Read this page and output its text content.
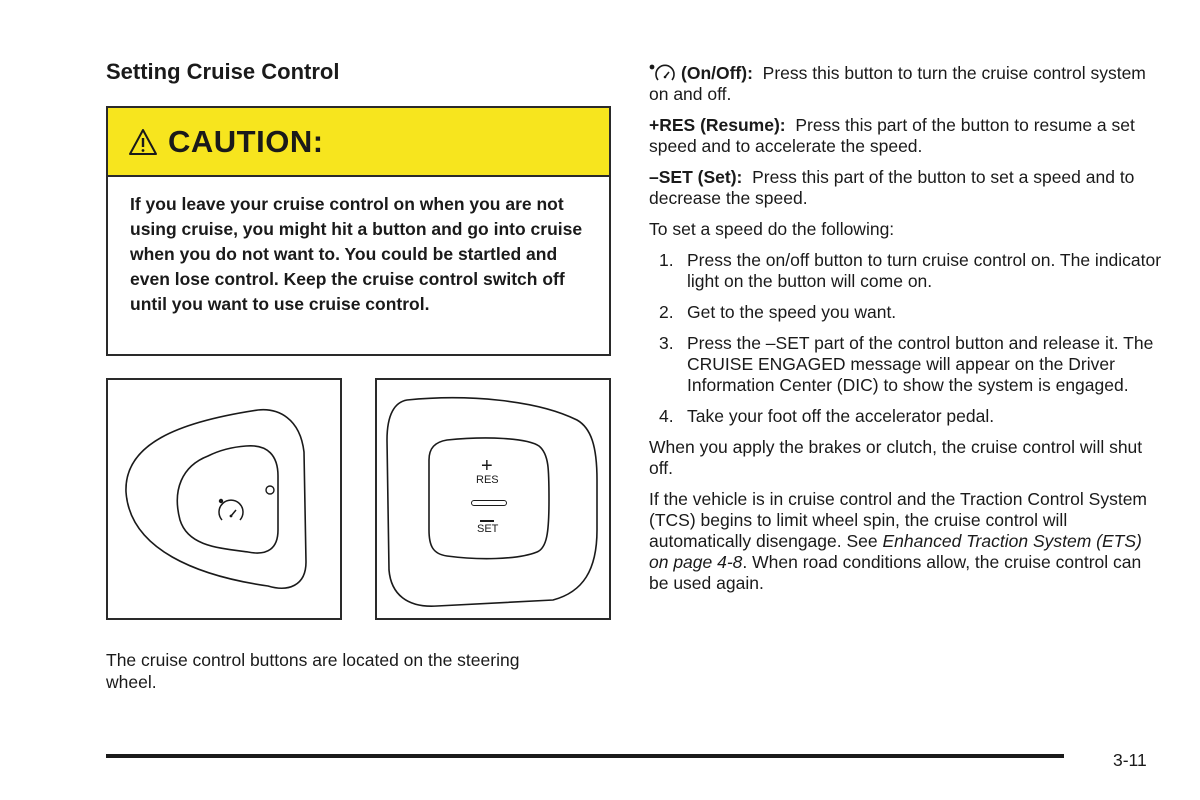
Setting Cruise Control
CAUTION:
If you leave your cruise control on when you are not using cruise, you might hit a button and go into cruise when you do not want to. You could be startled and even lose control. Keep the cruise control switch off until you want to use cruise control.
+
RES
SET
The cruise control buttons are located on the steering wheel.

(On/Off): Press this button to turn the cruise control system on and off.

+RES (Resume): Press this part of the button to resume a set speed and to accelerate the speed.

–SET (Set): Press this part of the button to set a speed and to decrease the speed.

To set a speed do the following:

1. Press the on/off button to turn cruise control on. The indicator light on the button will come on.
2. Get to the speed you want.
3. Press the –SET part of the control button and release it. The CRUISE ENGAGED message will appear on the Driver Information Center (DIC) to show the system is engaged.
4. Take your foot off the accelerator pedal.

When you apply the brakes or clutch, the cruise control will shut off.

If the vehicle is in cruise control and the Traction Control System (TCS) begins to limit wheel spin, the cruise control will automatically disengage. See Enhanced Traction System (ETS) on page 4-8. When road conditions allow, the cruise control can be used again.

3-11
